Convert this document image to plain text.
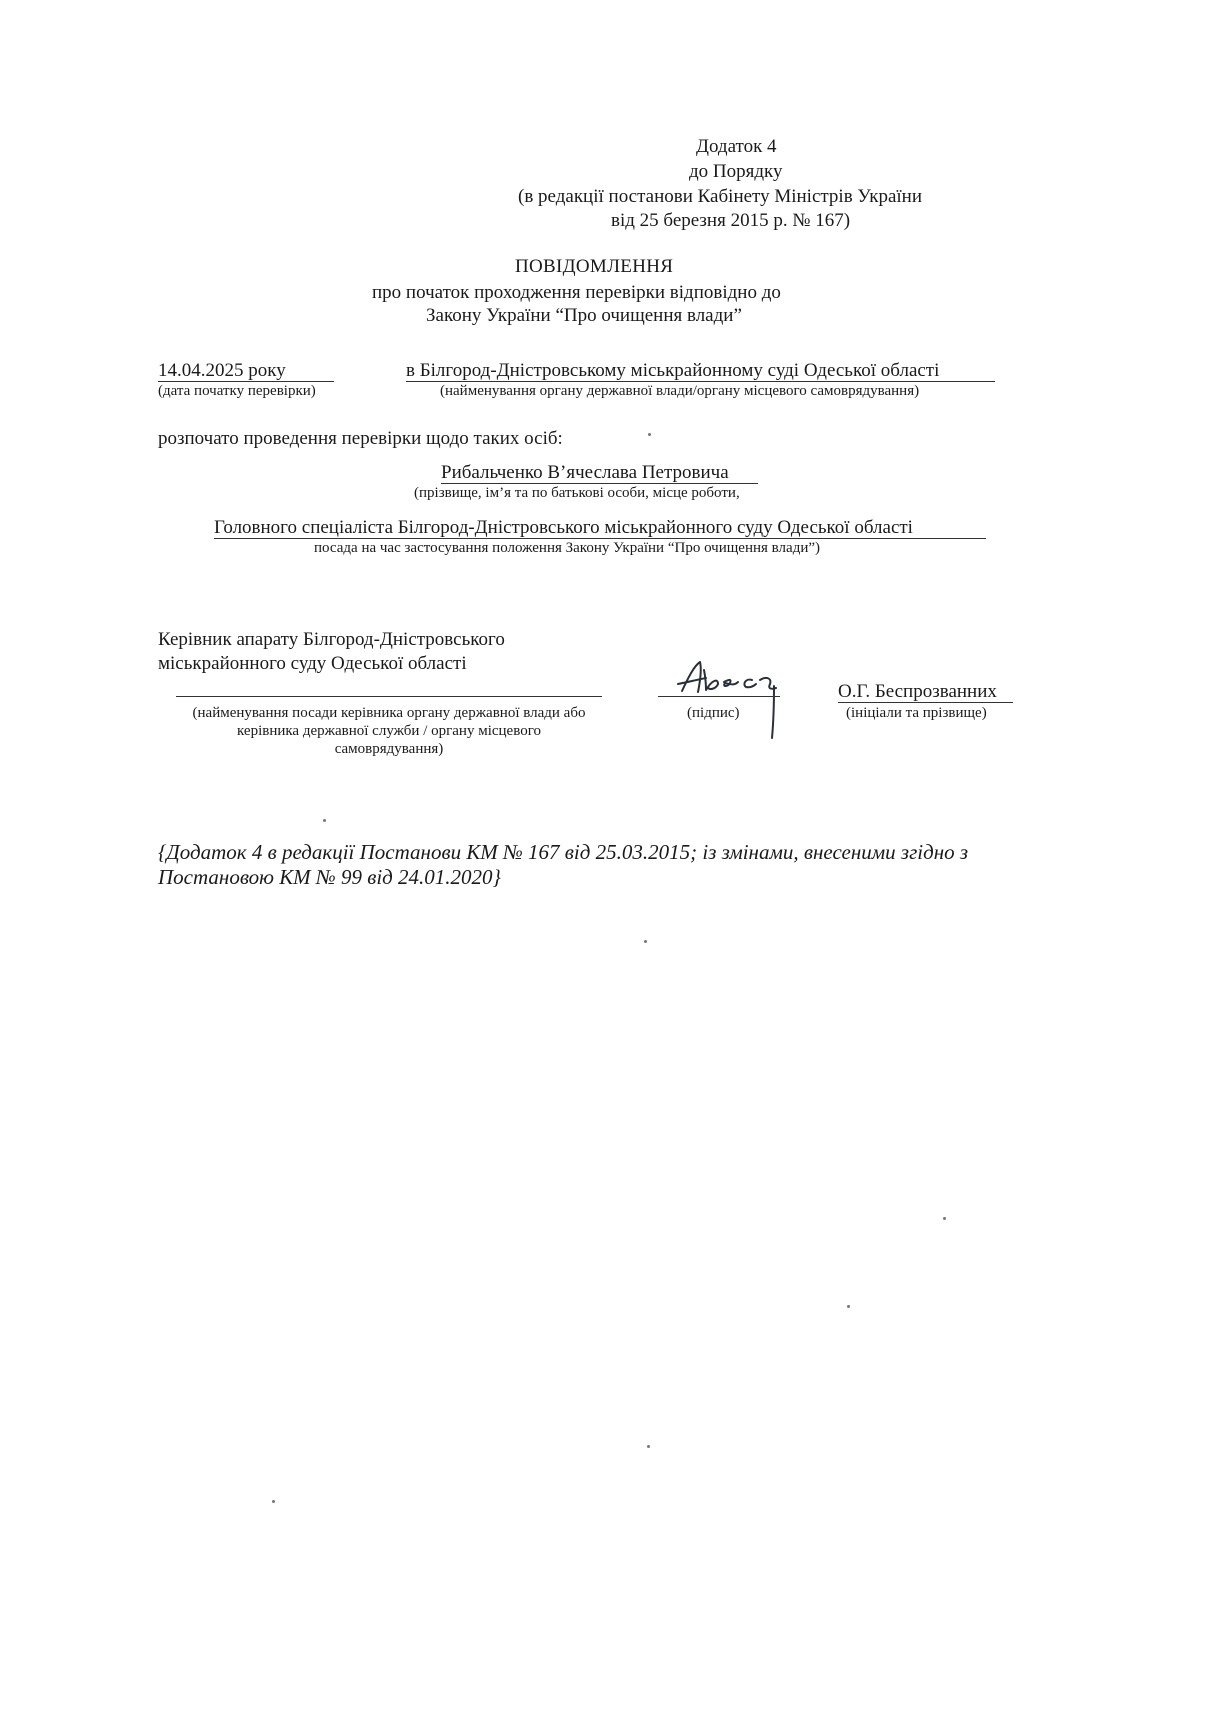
Додаток 4
до Порядку
(в редакції постанови Кабінету Міністрів України
від 25 березня 2015 р. № 167)
ПОВІДОМЛЕННЯ
про початок проходження перевірки відповідно до
Закону України “Про очищення влади”
14.04.2025 року
(дата початку перевірки)
в Білгород-Дністровському міськрайонному суді Одеської області
(найменування органу державної влади/органу місцевого самоврядування)
розпочато проведення перевірки щодо таких осіб:
Рибальченко В’ячеслава Петровича
(прізвище, ім’я та по батькові особи, місце роботи,
Головного спеціаліста Білгород-Дністровського міськрайонного суду Одеської області
посада на час застосування положення Закону України “Про очищення влади”)
Керівник апарату Білгород-Дністровського
міськрайонного суду Одеської області
(найменування посади керівника органу державної влади або
керівника державної служби / органу місцевого
самоврядування)
(підпис)
О.Г. Беспрозванних
(ініціали та прізвище)
{Додаток 4 в редакції Постанови КМ № 167 від 25.03.2015; із змінами, внесеними згідно з
Постановою КМ № 99 від 24.01.2020}
